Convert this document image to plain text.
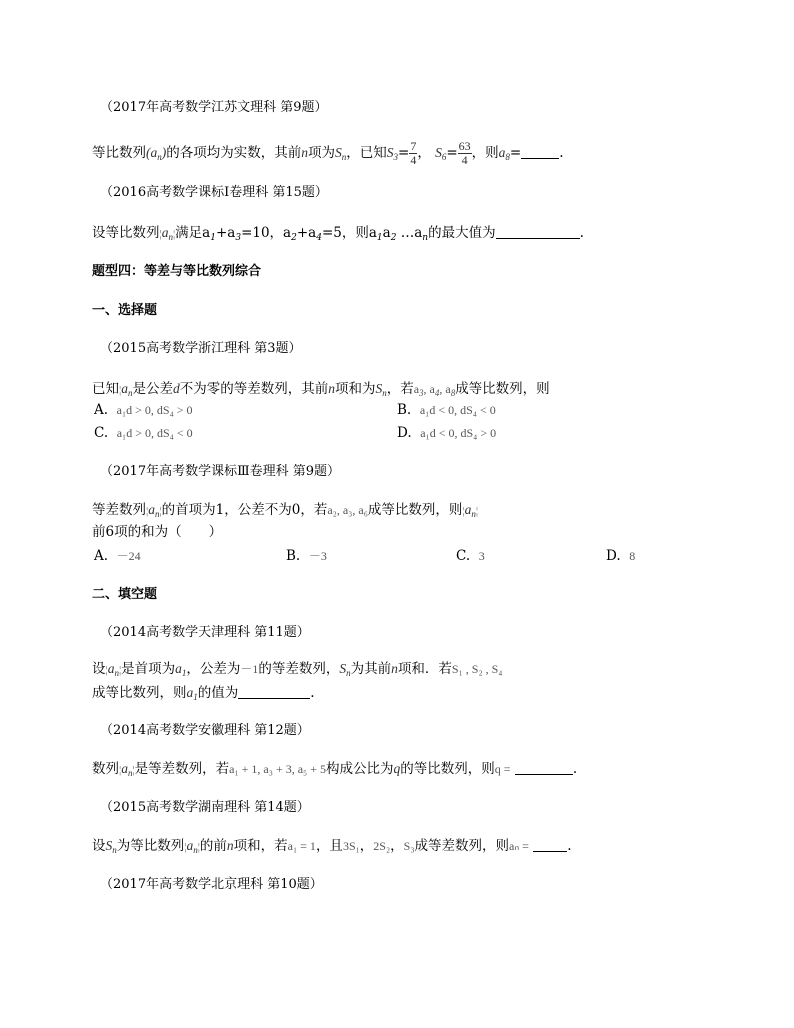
（2017年高考数学江苏文理科 第9题）
等比数列$(a_n)$的各项均为实数，其前n项为$S_n$，已知$S_3= \frac{7}{4}$ ， $S_6= \frac{63}{4}$ ，则$a_8=$	.
（2016高考数学课标Ⅰ卷理科 第15题）
设等比数列$¦a_n¦$满足$a_1+a_3=10$，$a_2+a_4=5$，则$a_1a_2$ $\dots a_n$的最大值为	.
题型四：等差与等比数列综合
一、选择题
（2015高考数学浙江理科 第3题）
已知$¦a_n$是公差d不为零的等差数列，其前n项和为$S_n$，若$a_3$, $a_4$, $a_8$成等比数列，则
A. a₁d > 0, dS₄ > 0	B. a₁d < 0, dS₄ < 0
C. a₁d > 0, dS₄ < 0	D. a₁d < 0, dS₄ > 0
（2017年高考数学课标Ⅲ卷理科 第9题）
等差数列$¦a_n¦$的首项为1，公差不为0，若a₂, a₃, a₆成等比数列，则$¦a_n¦$
前6项的和为（　　）
A. －24	B. －3	C. 3	D. 8
二、填空题
（2014高考数学天津理科 第11题）
设$¦a_n¦$是首项为$a_1$，公差为－1的等差数列，$S_n$为其前n项和．若S₁ , S₂ , S₄
成等比数列，则$a_1$的值为	.
（2014高考数学安徽理科 第12题）
数列$¦a_n¦$是等差数列，若a₁ + 1, a₃ + 3, a₅ + 5构成公比为q的等比数列，则q =	.
（2015高考数学湖南理科 第14题）
设$S_n$为等比数列$¦a_n¦$的前n项和，若a₁ = 1，且3S₁，2S₂，S₃成等差数列，则aₙ =	.
（2017年高考数学北京理科 第10题）
